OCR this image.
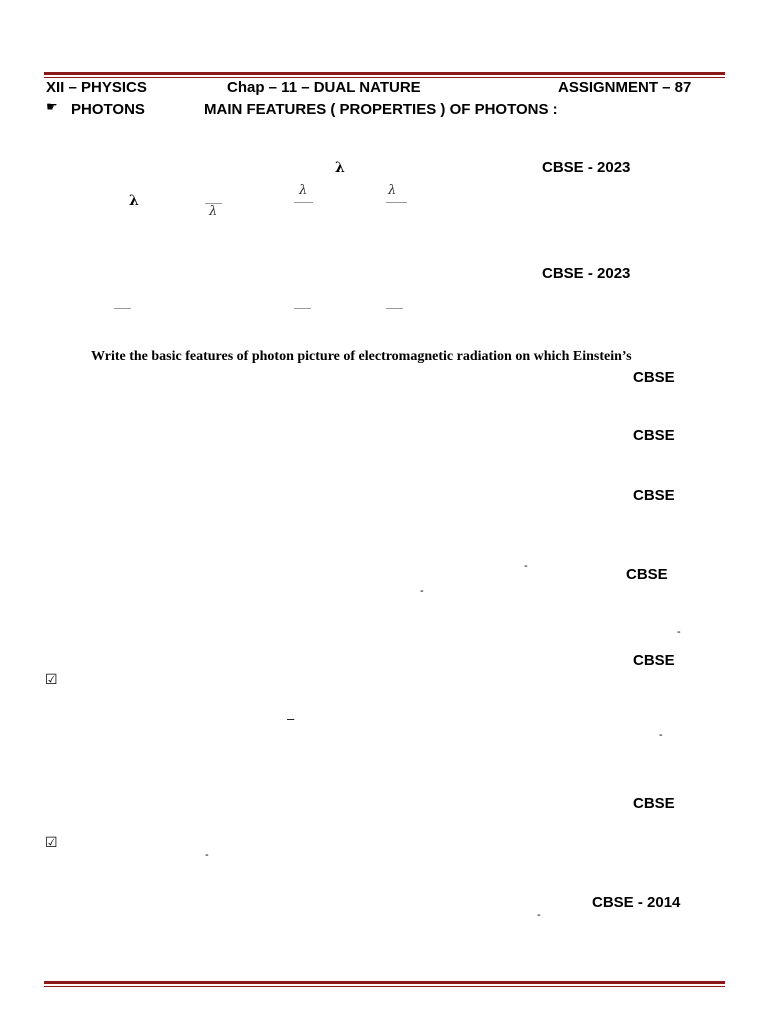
XII – PHYSICS	Chap – 11 – DUAL NATURE	ASSIGNMENT – 87
☛ PHOTONS	MAIN FEATURES ( PROPERTIES ) OF PHOTONS :
λ	CBSE - 2023
λ
λ
λ	λ
CBSE - 2023
Write the basic features of photon picture of electromagnetic radiation on which Einstein’s
CBSE
CBSE
CBSE
-	CBSE
-
-
CBSE
☑
–
-
CBSE
☑
-
CBSE - 2014
-
